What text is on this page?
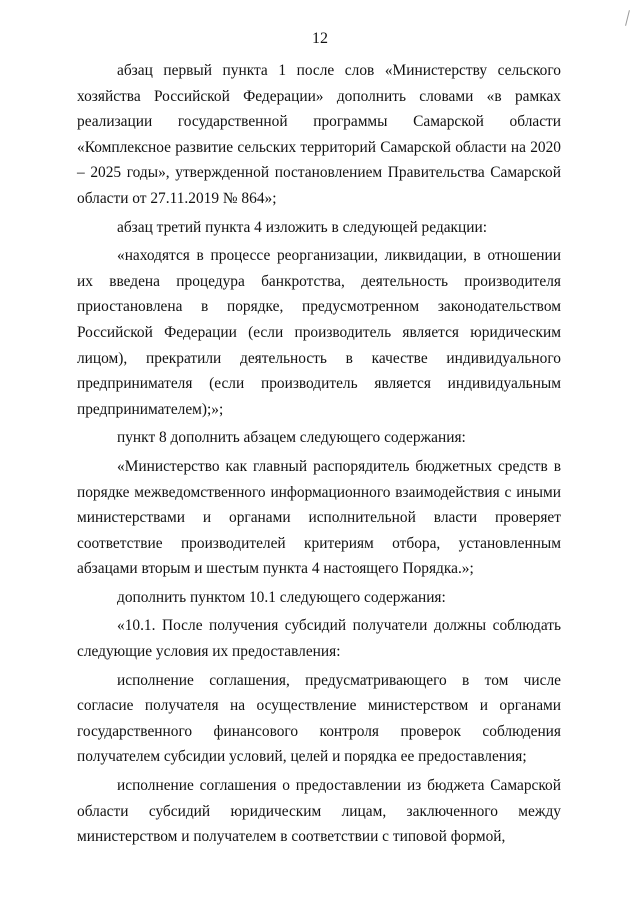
12

абзац первый пункта 1 после слов «Министерству сельского хозяйства Российской Федерации» дополнить словами «в рамках реализации государственной программы Самарской области «Комплексное развитие сельских территорий Самарской области на 2020 – 2025 годы», утвержденной постановлением Правительства Самарской области от 27.11.2019 № 864»;

абзац третий пункта 4 изложить в следующей редакции:

«находятся в процессе реорганизации, ликвидации, в отношении их введена процедура банкротства, деятельность производителя приостановлена в порядке, предусмотренном законодательством Российской Федерации (если производитель является юридическим лицом), прекратили деятельность в качестве индивидуального предпринимателя (если производитель является индивидуальным предпринимателем);»;

пункт 8 дополнить абзацем следующего содержания:

«Министерство как главный распорядитель бюджетных средств в порядке межведомственного информационного взаимодействия с иными министерствами и органами исполнительной власти проверяет соответствие производителей критериям отбора, установленным абзацами вторым и шестым пункта 4 настоящего Порядка.»;

дополнить пунктом 10.1 следующего содержания:

«10.1. После получения субсидий получатели должны соблюдать следующие условия их предоставления:

исполнение соглашения, предусматривающего в том числе согласие получателя на осуществление министерством и органами государственного финансового контроля проверок соблюдения получателем субсидии условий, целей и порядка ее предоставления;

исполнение соглашения о предоставлении из бюджета Самарской области субсидий юридическим лицам, заключенного между министерством и получателем в соответствии с типовой формой,
